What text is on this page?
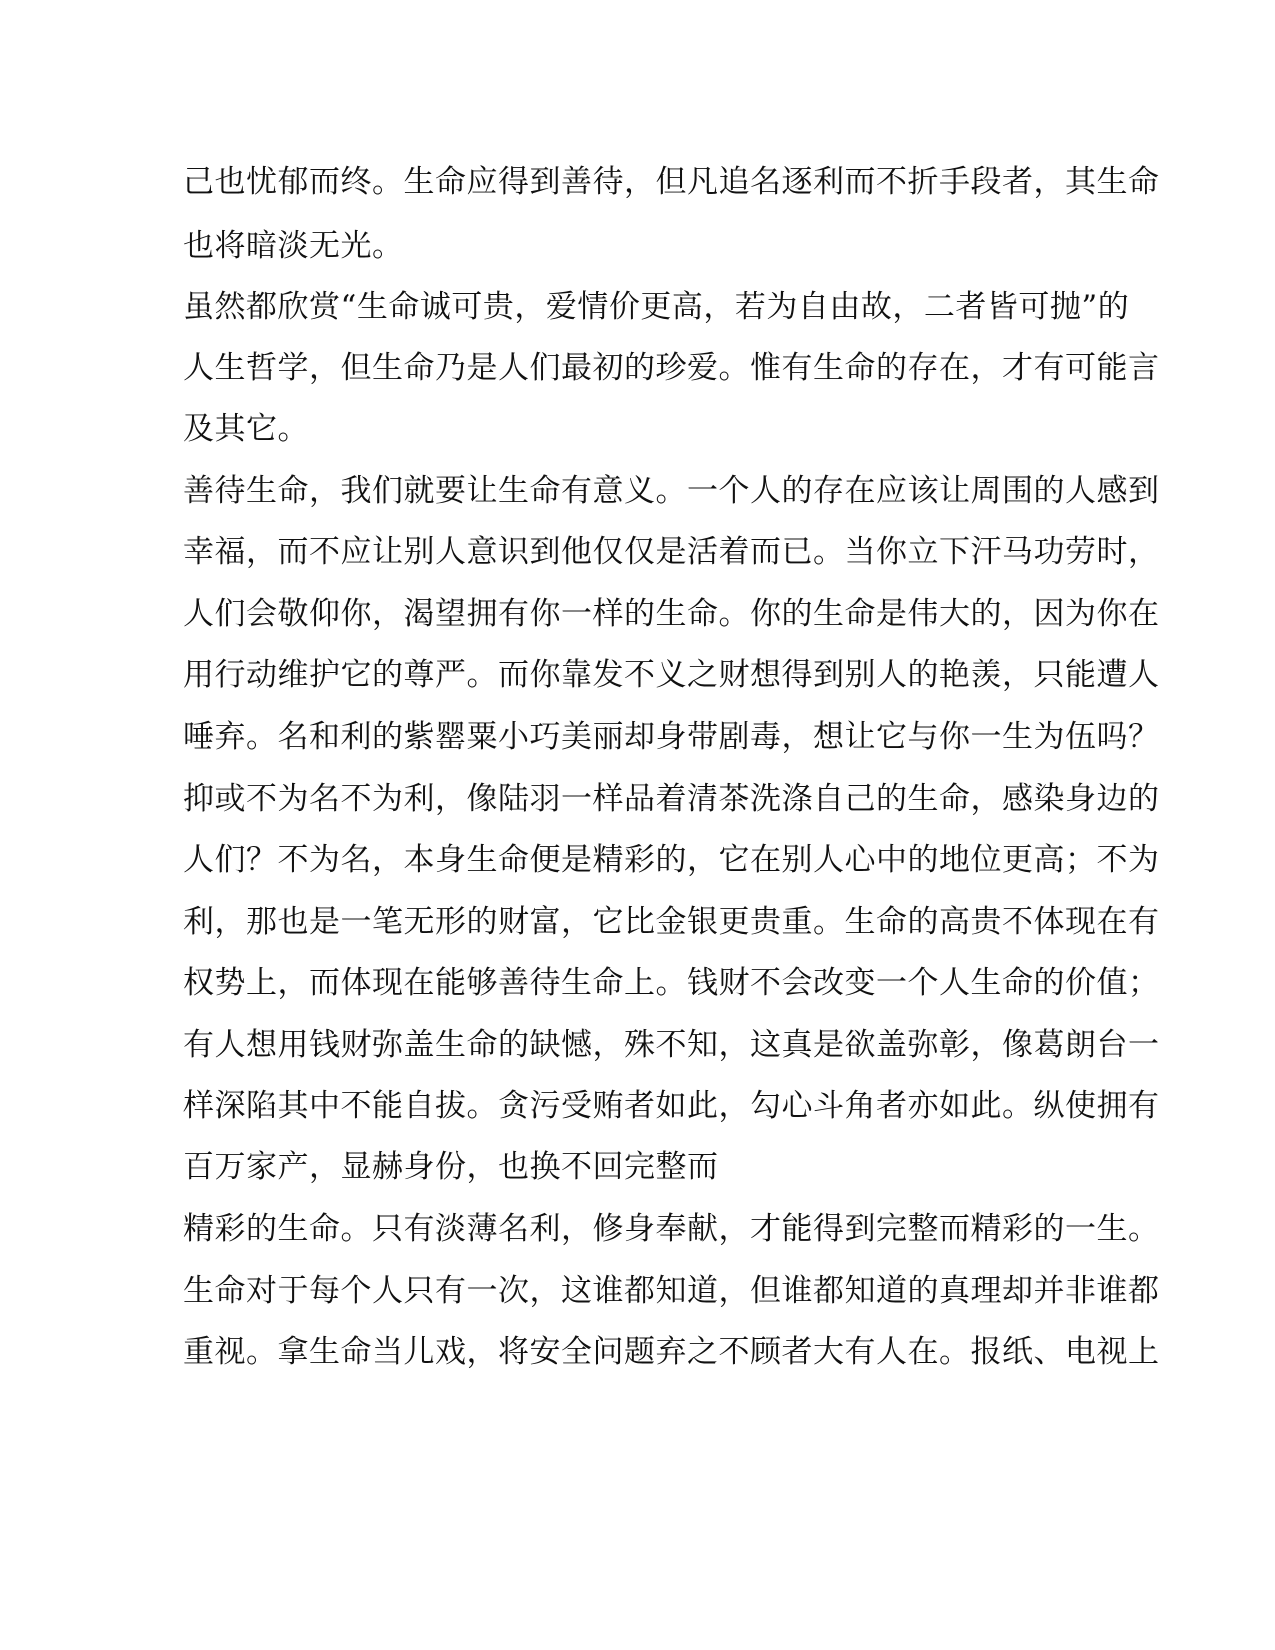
己也忧郁而终。生命应得到善待，但凡追名逐利而不折手段者，其生命
也将暗淡无光。
虽然都欣赏“生命诚可贵，爱情价更高，若为自由故，二者皆可抛”的
人生哲学，但生命乃是人们最初的珍爱。惟有生命的存在，才有可能言
及其它。
善待生命，我们就要让生命有意义。一个人的存在应该让周围的人感到
幸福，而不应让别人意识到他仅仅是活着而已。当你立下汗马功劳时，
人们会敬仰你，渴望拥有你一样的生命。你的生命是伟大的，因为你在
用行动维护它的尊严。而你靠发不义之财想得到别人的艳羡，只能遭人
唾弃。名和利的紫罂粟小巧美丽却身带剧毒，想让它与你一生为伍吗？
抑或不为名不为利，像陆羽一样品着清茶洗涤自己的生命，感染身边的
人们？不为名，本身生命便是精彩的，它在别人心中的地位更高；不为
利，那也是一笔无形的财富，它比金银更贵重。生命的高贵不体现在有
权势上，而体现在能够善待生命上。钱财不会改变一个人生命的价值；
有人想用钱财弥盖生命的缺憾，殊不知，这真是欲盖弥彰，像葛朗台一
样深陷其中不能自拔。贪污受贿者如此，勾心斗角者亦如此。纵使拥有
百万家产，显赫身份，也换不回完整而
精彩的生命。只有淡薄名利，修身奉献，才能得到完整而精彩的一生。
生命对于每个人只有一次，这谁都知道，但谁都知道的真理却并非谁都
重视。拿生命当儿戏，将安全问题弃之不顾者大有人在。报纸、电视上
